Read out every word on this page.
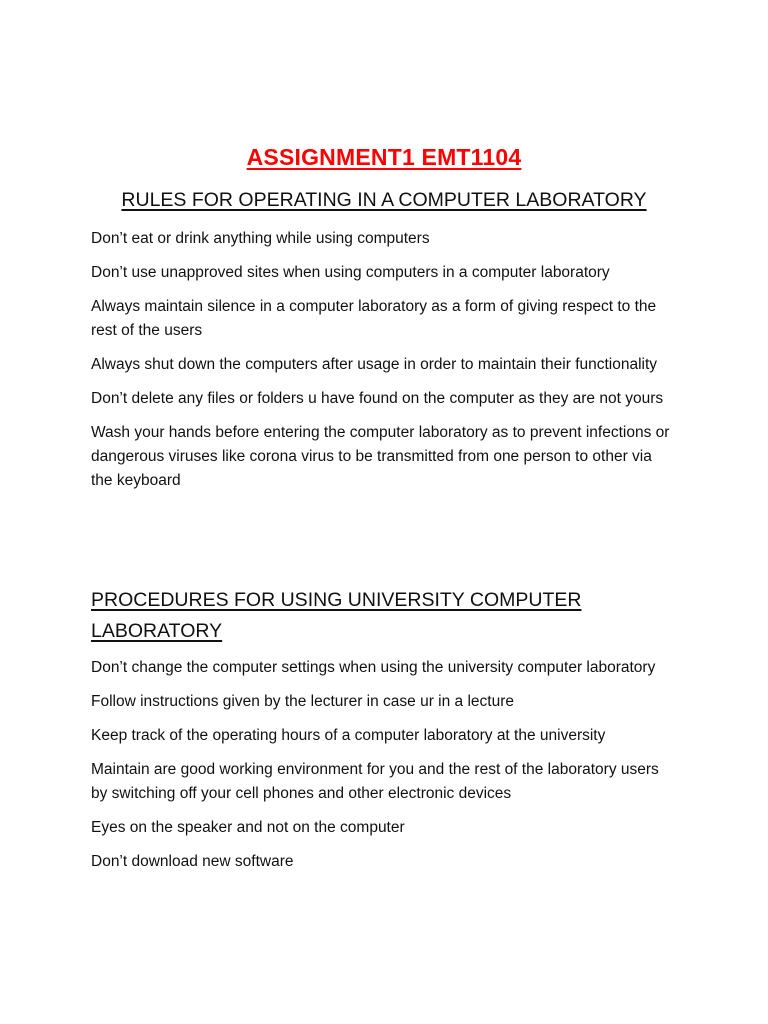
ASSIGNMENT1 EMT1104
RULES FOR OPERATING IN A COMPUTER LABORATORY
Don’t eat or drink anything while using computers
Don’t use unapproved sites when using computers in a computer laboratory
Always maintain silence in a computer laboratory as a form of giving respect to the rest of the users
Always shut down the computers after usage in order to maintain their functionality
Don’t delete any files or folders u have found on the computer as they are not yours
Wash your hands before entering the computer laboratory as to prevent infections or dangerous viruses like corona virus to be transmitted from one person to other via the keyboard
PROCEDURES FOR USING UNIVERSITY COMPUTER LABORATORY
Don’t change the computer settings when using the university computer laboratory
Follow instructions given by the lecturer in case ur in a lecture
Keep track of the operating hours of a computer laboratory at the university
Maintain are good working environment for you and the rest of the laboratory users by switching off your cell phones and other electronic devices
Eyes on the speaker and not on the computer
Don’t download new software
